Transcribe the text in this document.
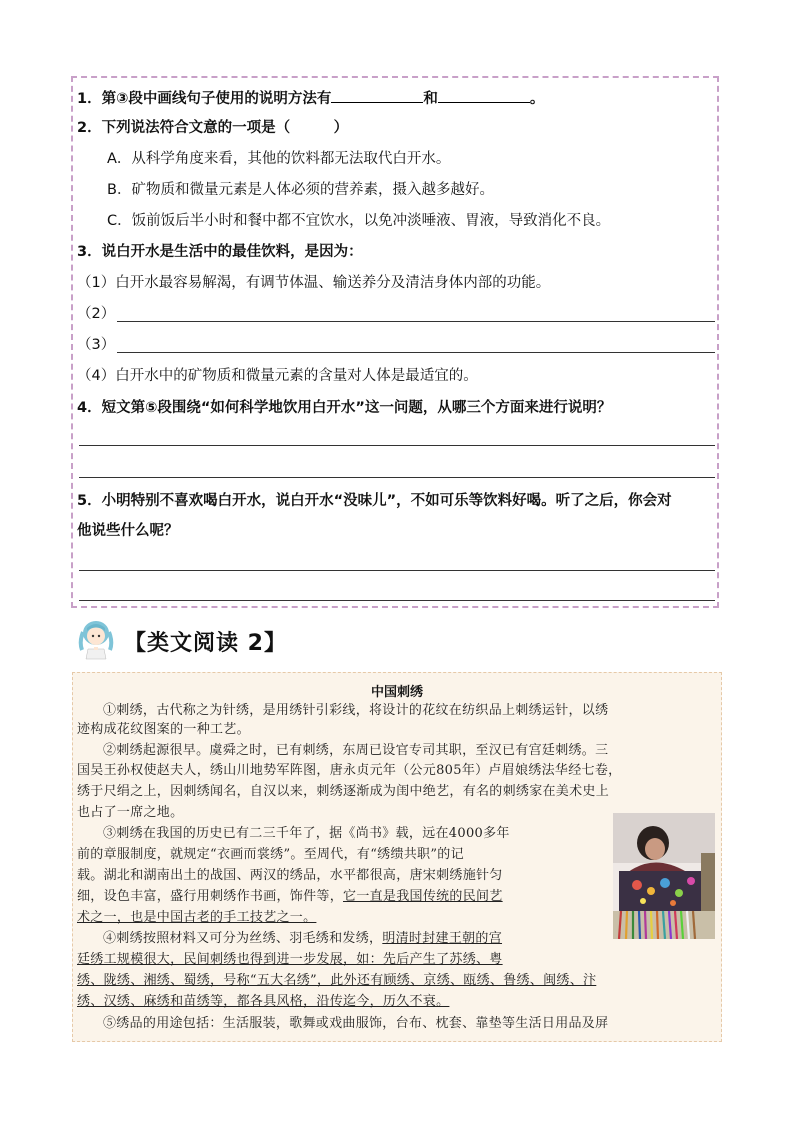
1．第③段中画线句子使用的说明方法有	和	。
2．下列说法符合文意的一项是（　　　）
A．从科学角度来看，其他的饮料都无法取代白开水。
B．矿物质和微量元素是人体必须的营养素，摄入越多越好。
C．饭前饭后半小时和餐中都不宜饮水，以免冲淡唾液、胃液，导致消化不良。
3．说白开水是生活中的最佳饮料，是因为：
（1）白开水最容易解渴，有调节体温、输送养分及清洁身体内部的功能。
（2）
（3）
（4）白开水中的矿物质和微量元素的含量对人体是最适宜的。
4．短文第⑤段围绕“如何科学地饮用白开水”这一问题，从哪三个方面来进行说明？
5．小明特别不喜欢喝白开水，说白开水“没味儿”，不如可乐等饮料好喝。听了之后，你会对
他说些什么呢？
【类文阅读 2】
中国刺绣
①刺绣，古代称之为针绣，是用绣针引彩线，将设计的花纹在纺织品上刺绣运针，以绣
迹构成花纹图案的一种工艺。
②刺绣起源很早。虞舜之时，已有刺绣，东周已设官专司其职，至汉已有宫廷刺绣。三
国吴王孙权使赵夫人，绣山川地势军阵图，唐永贞元年（公元805年）卢眉娘绣法华经七卷，
绣于尺绢之上，因刺绣闻名，自汉以来，刺绣逐渐成为闺中绝艺，有名的刺绣家在美术史上
也占了一席之地。
③刺绣在我国的历史已有二三千年了，据《尚书》载，远在4000多年
前的章服制度，就规定“衣画而裳绣”。至周代，有“绣缋共职”的记
载。湖北和湖南出土的战国、两汉的绣品，水平都很高，唐宋刺绣施针匀
细，设色丰富，盛行用刺绣作书画，饰件等，它一直是我国传统的民间艺
术之一，也是中国古老的手工技艺之一。
④刺绣按照材料又可分为丝绣、羽毛绣和发绣，明清时封建王朝的宫
廷绣工规模很大，民间刺绣也得到进一步发展，如：先后产生了苏绣、粤
绣、陇绣、湘绣、蜀绣，号称“五大名绣”，此外还有顾绣、京绣、瓯绣、鲁绣、闽绣、汴
绣、汉绣、麻绣和苗绣等，都各具风格，沿传迄今，历久不衰。
⑤绣品的用途包括：生活服装，歌舞或戏曲服饰，台布、枕套、靠垫等生活日用品及屏
